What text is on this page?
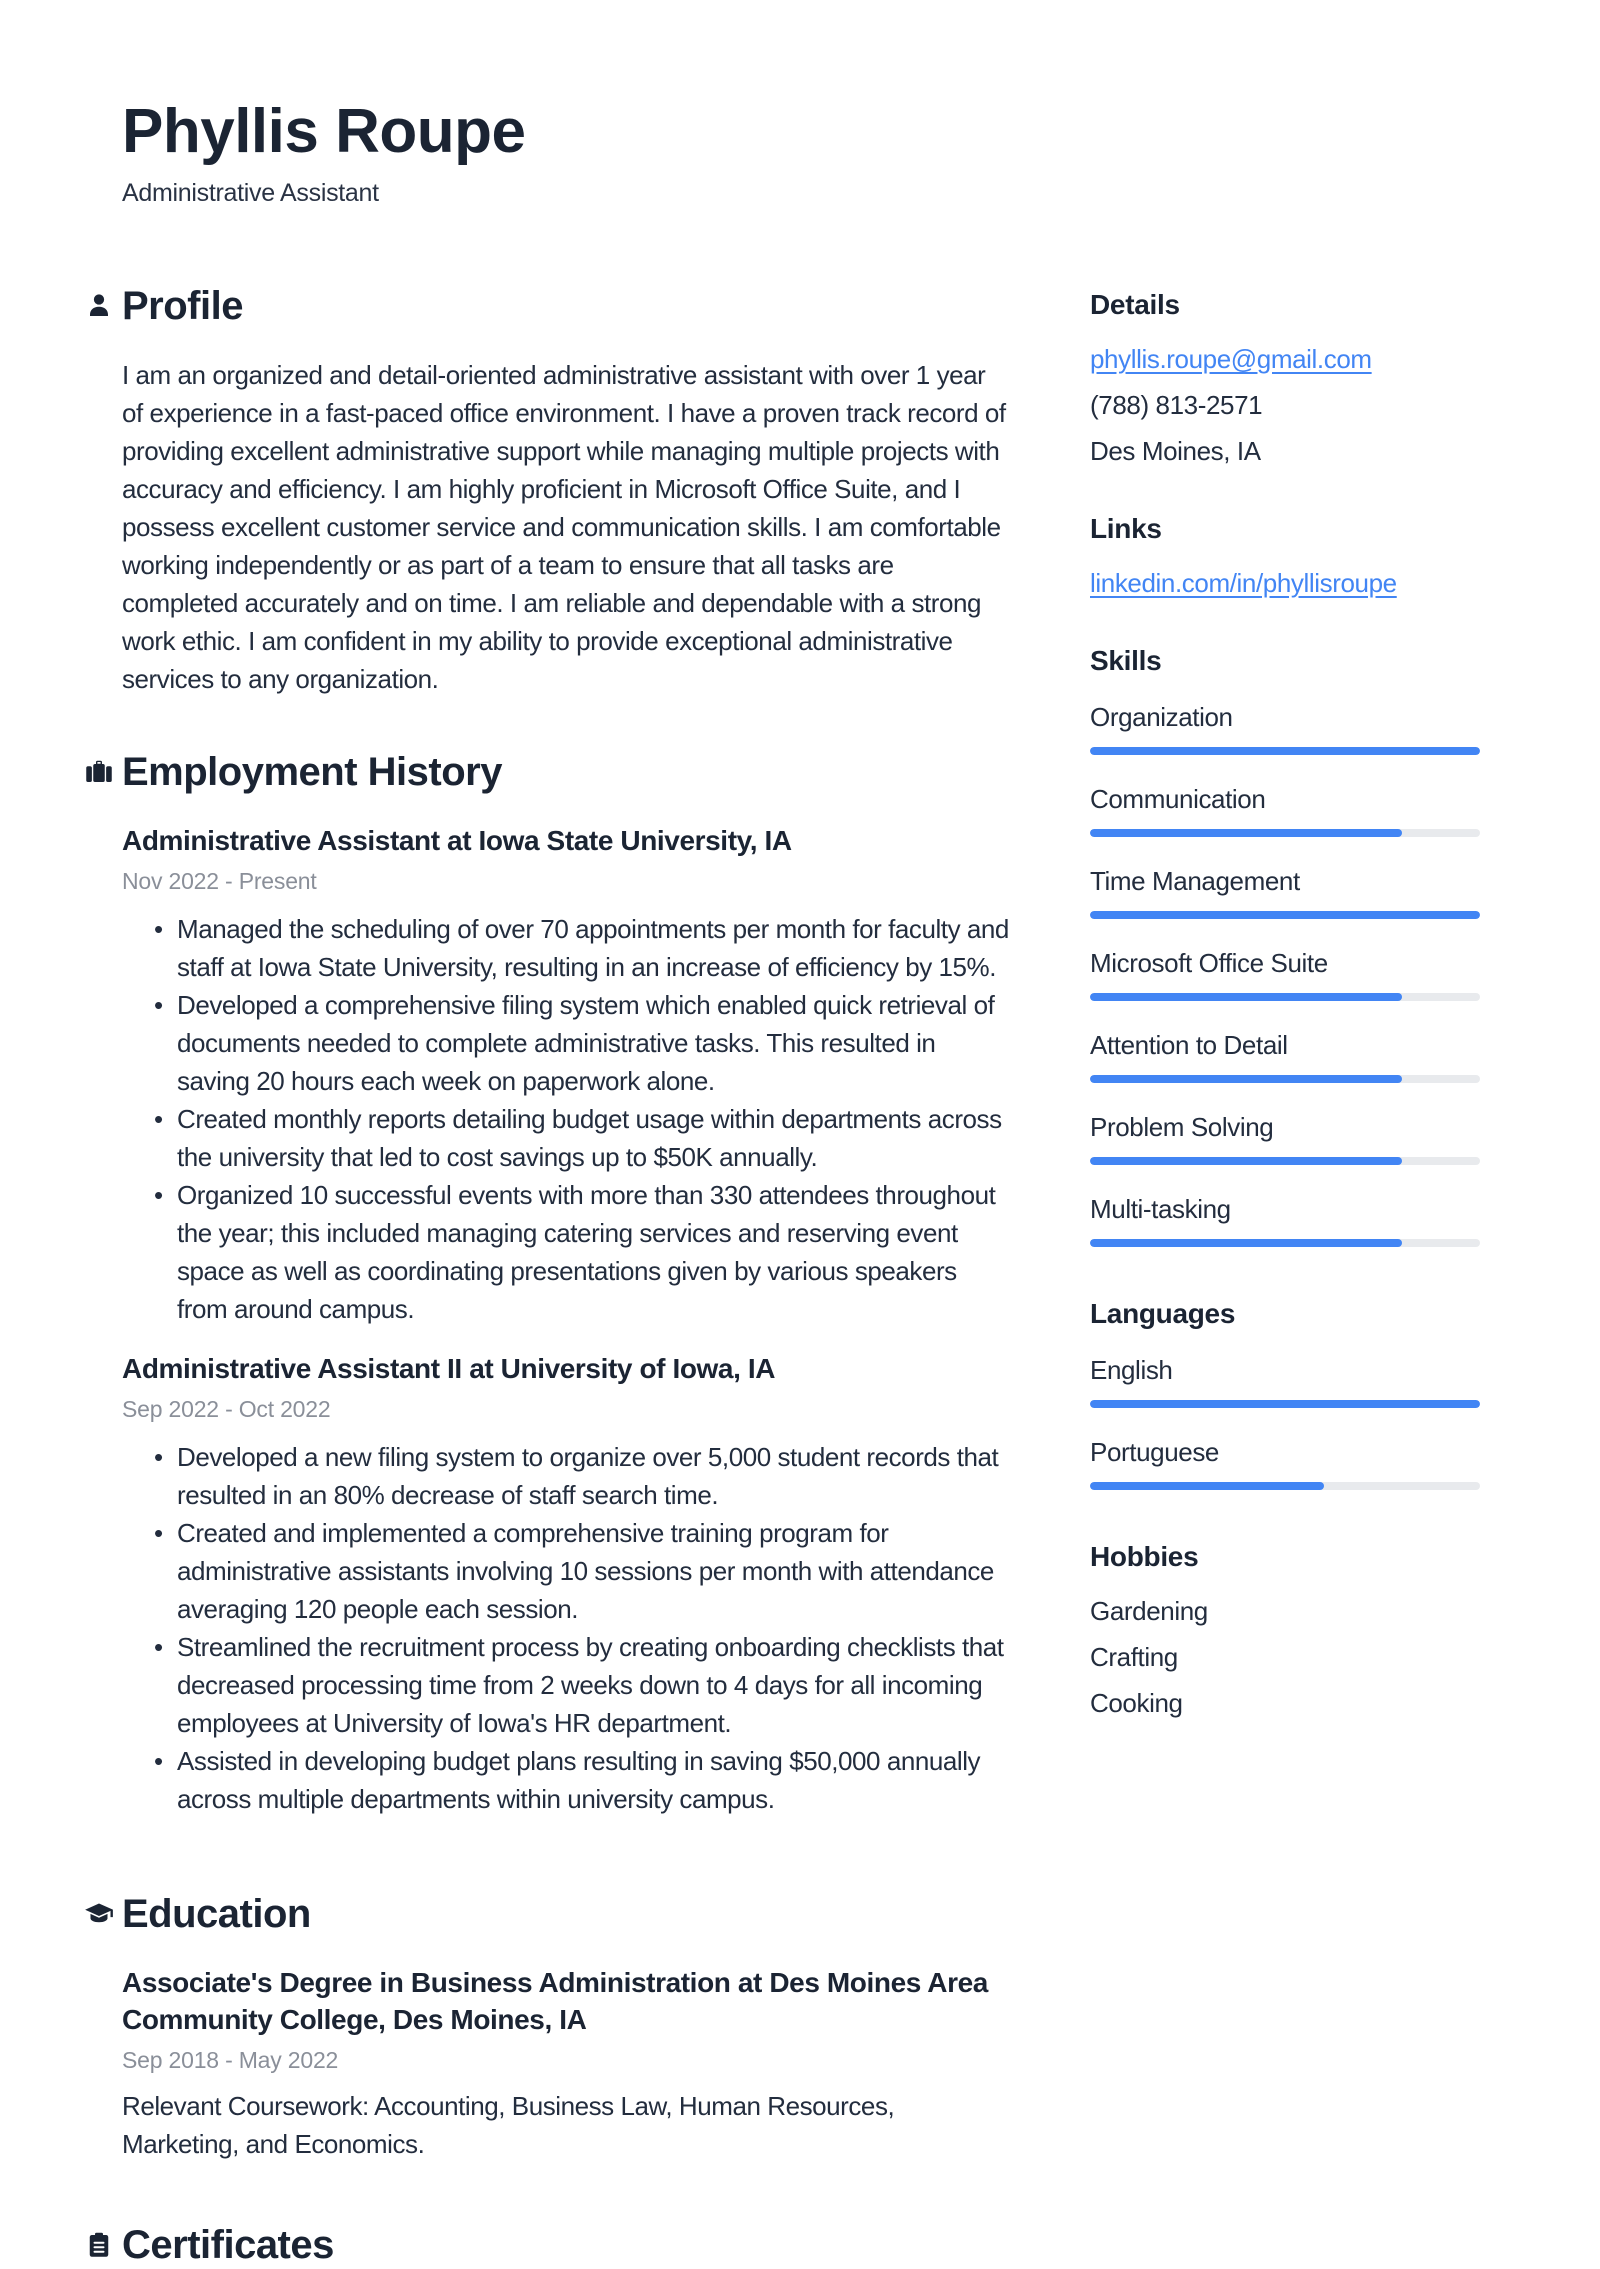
Phyllis Roupe
Administrative Assistant
Profile
I am an organized and detail-oriented administrative assistant with over 1 year of experience in a fast-paced office environment. I have a proven track record of providing excellent administrative support while managing multiple projects with accuracy and efficiency. I am highly proficient in Microsoft Office Suite, and I possess excellent customer service and communication skills. I am comfortable working independently or as part of a team to ensure that all tasks are completed accurately and on time. I am reliable and dependable with a strong work ethic. I am confident in my ability to provide exceptional administrative services to any organization.
Employment History
Administrative Assistant at Iowa State University, IA
Nov 2022 - Present
• Managed the scheduling of over 70 appointments per month for faculty and staff at Iowa State University, resulting in an increase of efficiency by 15%.
• Developed a comprehensive filing system which enabled quick retrieval of documents needed to complete administrative tasks. This resulted in saving 20 hours each week on paperwork alone.
• Created monthly reports detailing budget usage within departments across the university that led to cost savings up to $50K annually.
• Organized 10 successful events with more than 330 attendees throughout the year; this included managing catering services and reserving event space as well as coordinating presentations given by various speakers from around campus.
Administrative Assistant II at University of Iowa, IA
Sep 2022 - Oct 2022
• Developed a new filing system to organize over 5,000 student records that resulted in an 80% decrease of staff search time.
• Created and implemented a comprehensive training program for administrative assistants involving 10 sessions per month with attendance averaging 120 people each session.
• Streamlined the recruitment process by creating onboarding checklists that decreased processing time from 2 weeks down to 4 days for all incoming employees at University of Iowa's HR department.
• Assisted in developing budget plans resulting in saving $50,000 annually across multiple departments within university campus.
Education
Associate's Degree in Business Administration at Des Moines Area Community College, Des Moines, IA
Sep 2018 - May 2022
Relevant Coursework: Accounting, Business Law, Human Resources, Marketing, and Economics.
Certificates
Details
phyllis.roupe@gmail.com
(788) 813-2571
Des Moines, IA
Links
linkedin.com/in/phyllisroupe
Skills
Organization
Communication
Time Management
Microsoft Office Suite
Attention to Detail
Problem Solving
Multi-tasking
Languages
English
Portuguese
Hobbies
Gardening
Crafting
Cooking
